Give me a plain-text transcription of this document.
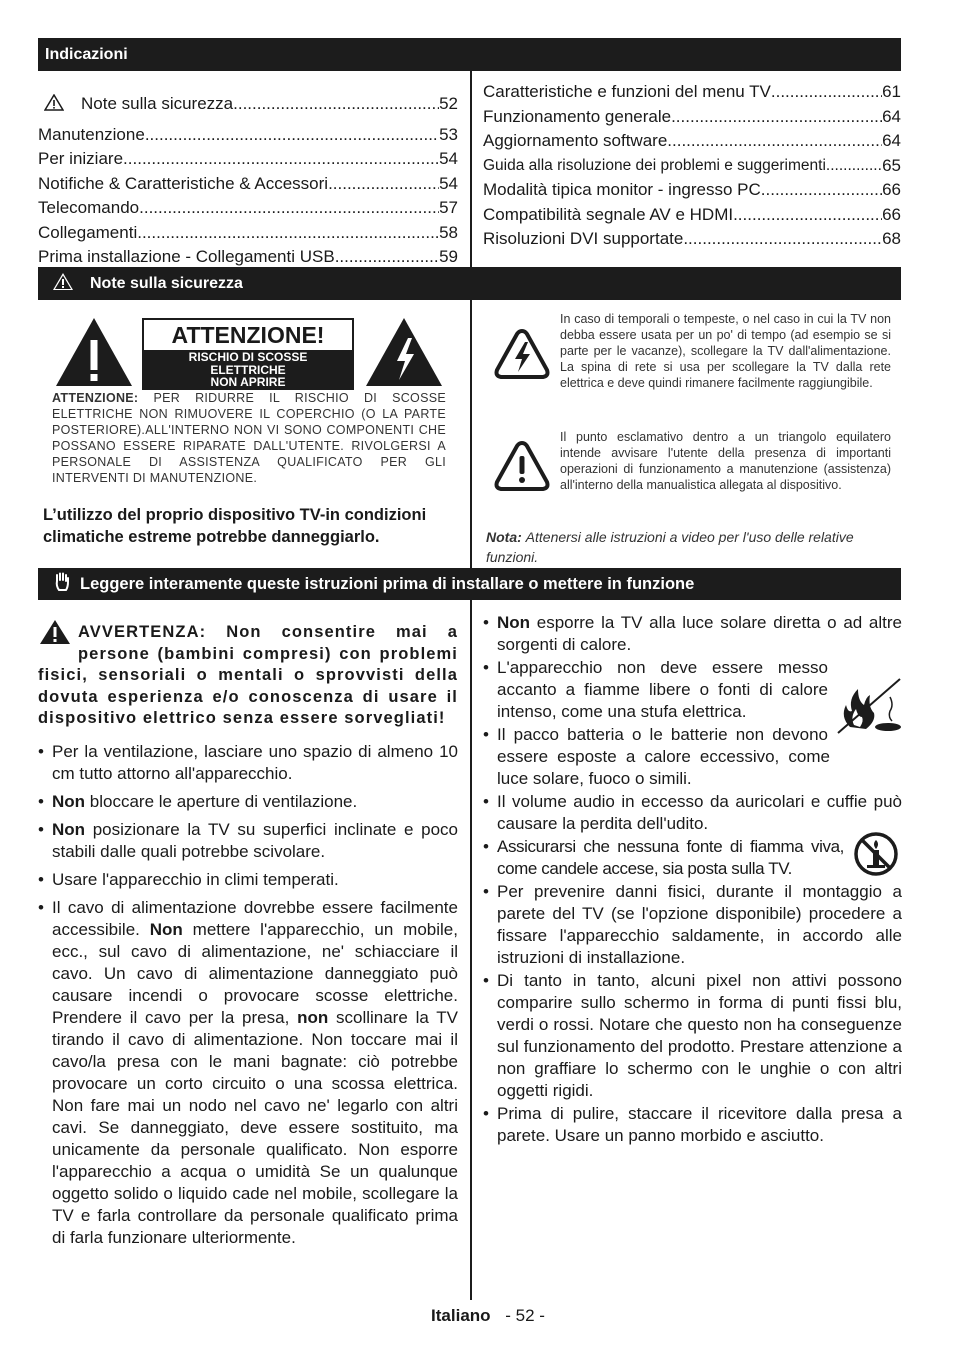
Indicazioni
Note sulla sicurezza .....	52
Manutenzione .....	53
Per iniziare .....	54
Notifiche & Caratteristiche & Accessori .....	54
Telecomando .....	57
Collegamenti .....	58
Prima installazione - Collegamenti USB .....	59
Caratteristiche e funzioni del menu TV .....	61
Funzionamento generale .....	64
Aggiornamento software .....	64
Guida alla risoluzione dei problemi e suggerimenti .....	65
Modalità tipica monitor - ingresso PC .....	66
Compatibilità segnale AV e HDMI .....	66
Risoluzioni DVI supportate .....	68
Note sulla sicurezza
ATTENZIONE!
RISCHIO DI SCOSSE
ELETTRICHE
NON APRIRE
ATTENZIONE: PER RIDURRE IL RISCHIO DI SCOSSE ELETTRICHE NON RIMUOVERE IL COPERCHIO (O LA PARTE POSTERIORE).ALL'INTERNO NON VI SONO COMPONENTI CHE POSSANO ESSERE RIPARATE DALL'UTENTE. RIVOLGERSI A PERSONALE DI ASSISTENZA QUALIFICATO PER GLI INTERVENTI DI MANUTENZIONE.
L’utilizzo del proprio dispositivo TV-in condizioni climatiche estreme potrebbe danneggiarlo.
In caso di temporali o tempeste, o nel caso in cui la TV non debba essere usata per un po' di tempo (ad esempio se si parte per le vacanze), scollegare la TV dall'alimentazione. La spina di rete si usa per scollegare la TV dalla rete elettrica e deve quindi rimanere facilmente raggiungibile.
Il punto esclamativo dentro a un triangolo equilatero intende avvisare l'utente della presenza di importanti operazioni di funzionamento a manutenzione (assistenza) all'interno della manualistica allegata al dispositivo.
Nota: Attenersi alle istruzioni a video per l'uso delle relative funzioni.
Leggere interamente queste istruzioni prima di installare o mettere in funzione
AVVERTENZA: Non consentire mai a persone (bambini compresi) con problemi fisici, sensoriali o mentali o sprovvisti della dovuta esperienza e/o conoscenza di usare il dispositivo elettrico senza essere sorvegliati!
• Per la ventilazione, lasciare uno spazio di almeno 10 cm tutto attorno all'apparecchio.
• Non bloccare le aperture di ventilazione.
• Non posizionare la TV su superfici inclinate e poco stabili dalle quali potrebbe scivolare.
• Usare l'apparecchio in climi temperati.
• Il cavo di alimentazione dovrebbe essere facilmente accessibile. Non mettere l'apparecchio, un mobile, ecc., sul cavo di alimentazione, ne' schiacciare il cavo. Un cavo di alimentazione danneggiato può causare incendi o provocare scosse elettriche. Prendere il cavo per la presa, non scollinare la TV tirando il cavo di alimentazione. Non toccare mai il cavo/la presa con le mani bagnate: ciò potrebbe provocare un corto circuito o una scossa elettrica. Non fare mai un nodo nel cavo ne' legarlo con altri cavi. Se danneggiato, deve essere sostituito, ma unicamente da personale qualificato. Non esporre l'apparecchio a acqua o umidità Se un qualunque oggetto solido o liquido cade nel mobile, scollegare la TV e farla controllare da personale qualificato prima di farla funzionare ulteriormente.
• Non esporre la TV alla luce solare diretta o ad altre sorgenti di calore.
• L'apparecchio non deve essere messo accanto a fiamme libere o fonti di calore intenso, come una stufa elettrica.
• Il pacco batteria o le batterie non devono essere esposte a calore eccessivo, come luce solare, fuoco o simili.
• Il volume audio in eccesso da auricolari e cuffie può causare la perdita dell'udito.
• Assicurarsi che nessuna fonte di fiamma viva, come candele accese, sia posta sulla TV.
• Per prevenire danni fisici, durante il montaggio a parete del TV (se l'opzione disponibile) procedere a fissare l'apparecchio saldamente, in accordo alle istruzioni di installazione.
• Di tanto in tanto, alcuni pixel non attivi possono comparire sullo schermo in forma di punti fissi blu, verdi o rossi. Notare che questo non ha conseguenze sul funzionamento del prodotto. Prestare attenzione a non graffiare lo schermo con le unghie o con altri oggetti rigidi.
• Prima di pulire, staccare il ricevitore dalla presa a parete. Usare un panno morbido e asciutto.
Italiano - 52 -
